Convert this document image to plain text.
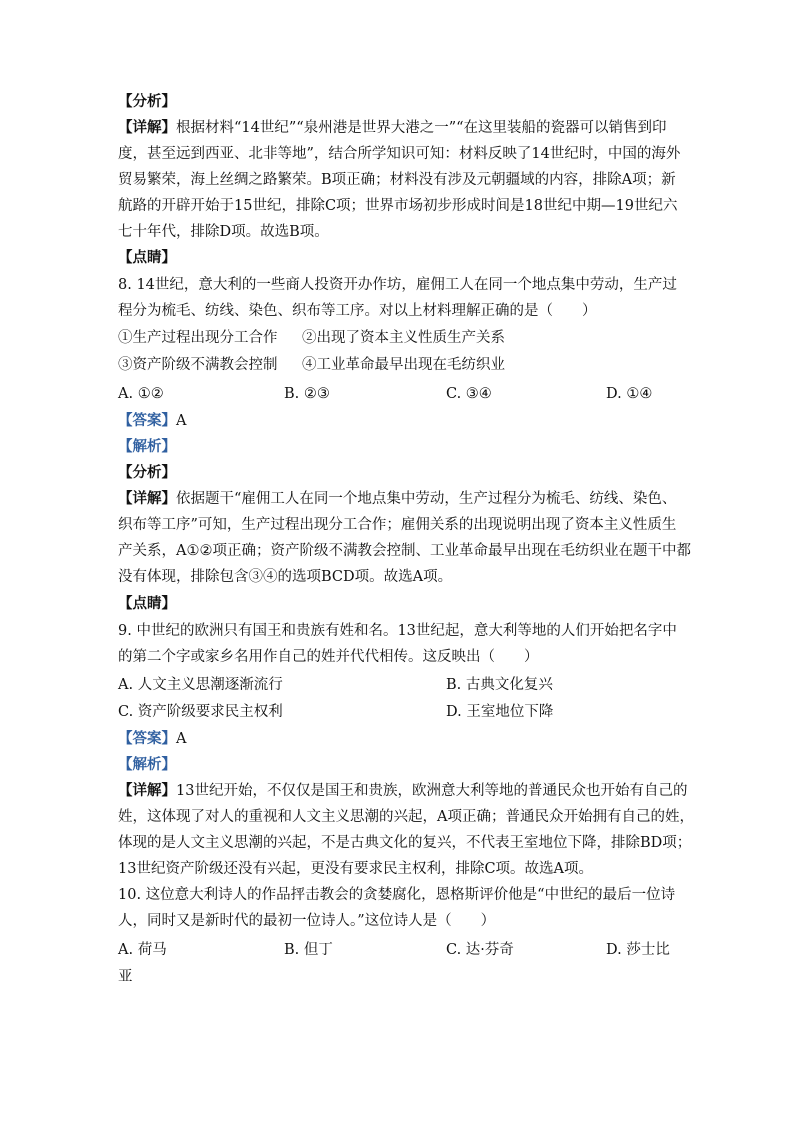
【分析】
【详解】根据材料“14世纪”“泉州港是世界大港之一”“在这里装船的瓷器可以销售到印
度，甚至远到西亚、北非等地”，结合所学知识可知：材料反映了14世纪时，中国的海外
贸易繁荣，海上丝绸之路繁荣。B项正确；材料没有涉及元朝疆域的内容，排除A项；新
航路的开辟开始于15世纪，排除C项；世界市场初步形成时间是18世纪中期—19世纪六
七十年代，排除D项。故选B项。
【点睛】
8. 14世纪，意大利的一些商人投资开办作坊，雇佣工人在同一个地点集中劳动，生产过
程分为梳毛、纺线、染色、织布等工序。对以上材料理解正确的是（　　）
①生产过程出现分工合作 ②出现了资本主义性质生产关系
③资产阶级不满教会控制 ④工业革命最早出现在毛纺织业
A. ①②	B. ②③	C. ③④	D. ①④
【答案】A
【解析】
【分析】
【详解】依据题干“雇佣工人在同一个地点集中劳动，生产过程分为梳毛、纺线、染色、
织布等工序”可知，生产过程出现分工合作；雇佣关系的出现说明出现了资本主义性质生
产关系，A①②项正确；资产阶级不满教会控制、工业革命最早出现在毛纺织业在题干中都
没有体现，排除包含③④的选项BCD项。故选A项。
【点睛】
9. 中世纪的欧洲只有国王和贵族有姓和名。13世纪起，意大利等地的人们开始把名字中
的第二个字或家乡名用作自己的姓并代代相传。这反映出（　　）
A. 人文主义思潮逐渐流行	B. 古典文化复兴
C. 资产阶级要求民主权利	D. 王室地位下降
【答案】A
【解析】
【详解】13世纪开始，不仅仅是国王和贵族，欧洲意大利等地的普通民众也开始有自己的
姓，这体现了对人的重视和人文主义思潮的兴起，A项正确；普通民众开始拥有自己的姓，
体现的是人文主义思潮的兴起，不是古典文化的复兴，不代表王室地位下降，排除BD项；
13世纪资产阶级还没有兴起，更没有要求民主权利，排除C项。故选A项。
10. 这位意大利诗人的作品抨击教会的贪婪腐化，恩格斯评价他是“中世纪的最后一位诗
人，同时又是新时代的最初一位诗人。”这位诗人是（　　）
A. 荷马	B. 但丁	C. 达·芬奇	D. 莎士比
亚
